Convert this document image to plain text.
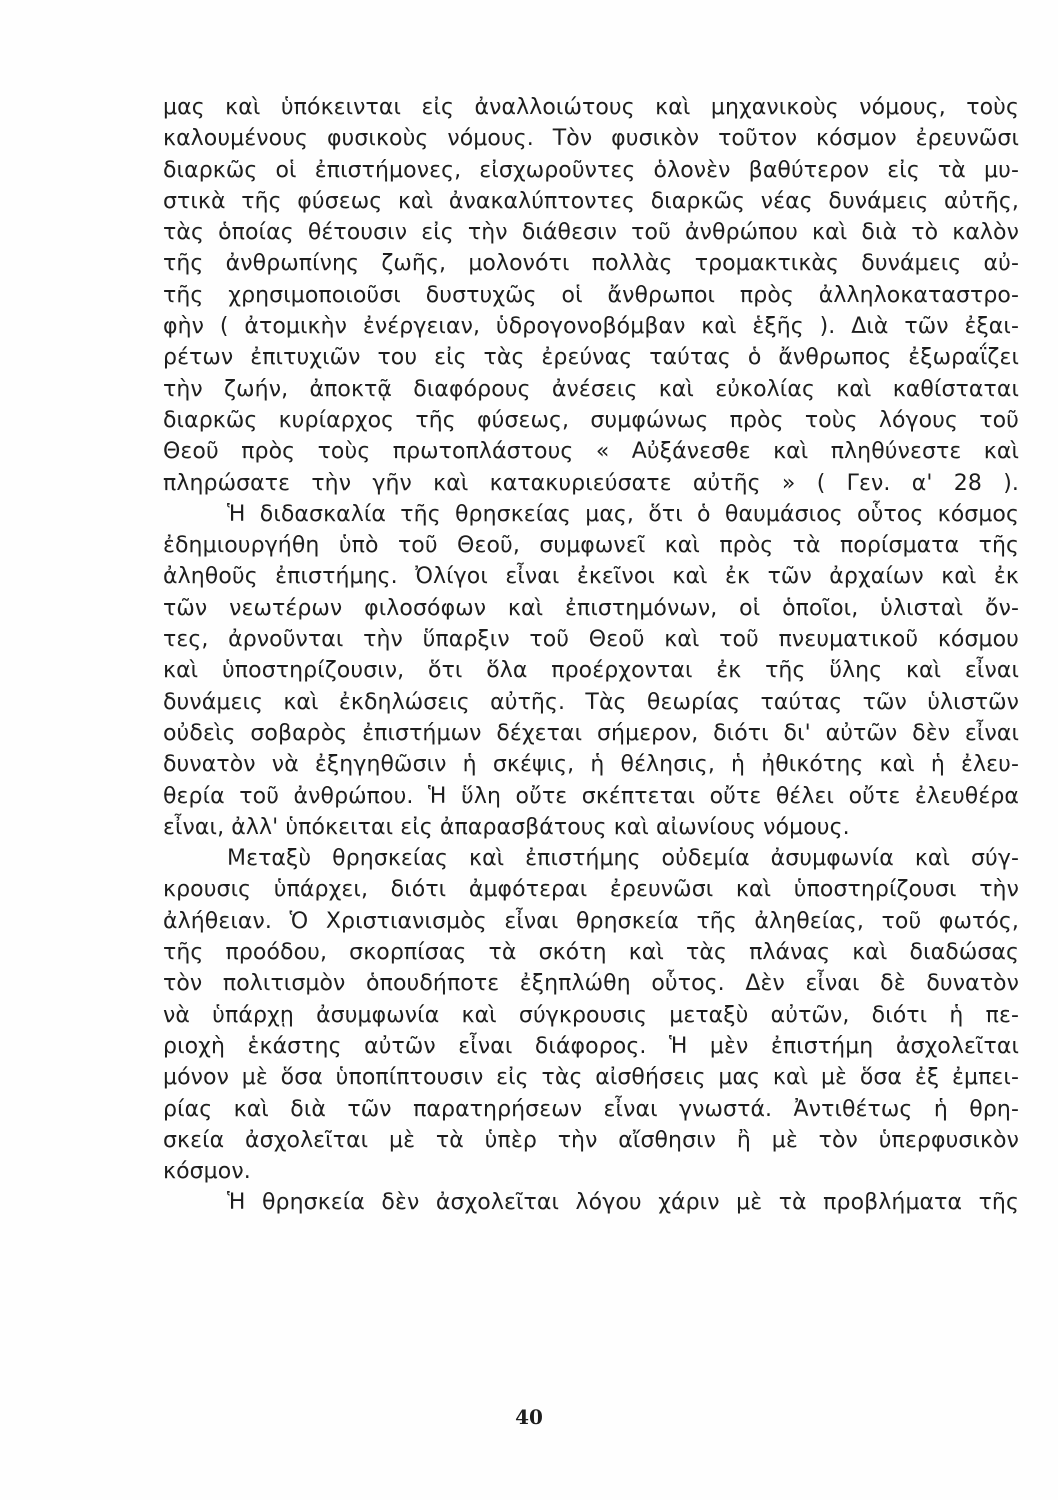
μας καὶ ὑπόκεινται εἰς ἀναλλοιώτους καὶ μηχανικοὺς νόμους, τοὺς
καλουμένους φυσικοὺς νόμους. Τὸν φυσικὸν τοῦτον κόσμον ἐρευνῶσι
διαρκῶς οἱ ἐπιστήμονες, εἰσχωροῦντες ὁλονὲν βαθύτερον εἰς τὰ μυ-
στικὰ τῆς φύσεως καὶ ἀνακαλύπτοντες διαρκῶς νέας δυνάμεις αὐτῆς,
τὰς ὁποίας θέτουσιν εἰς τὴν διάθεσιν τοῦ ἀνθρώπου καὶ διὰ τὸ καλὸν
τῆς ἀνθρωπίνης ζωῆς, μολονότι πολλὰς τρομακτικὰς δυνάμεις αὐ-
τῆς χρησιμοποιοῦσι δυστυχῶς οἱ ἄνθρωποι πρὸς ἀλληλοκαταστρο-
φὴν ( ἀτομικὴν ἐνέργειαν, ὑδρογονοβόμβαν καὶ ἑξῆς ). Διὰ τῶν ἐξαι-
ρέτων ἐπιτυχιῶν του εἰς τὰς ἐρεύνας ταύτας ὁ ἄνθρωπος ἐξωραΐζει
τὴν ζωήν, ἀποκτᾷ διαφόρους ἀνέσεις καὶ εὐκολίας καὶ καθίσταται
διαρκῶς κυρίαρχος τῆς φύσεως, συμφώνως πρὸς τοὺς λόγους τοῦ
Θεοῦ πρὸς τοὺς πρωτοπλάστους « Αὐξάνεσθε καὶ πληθύνεστε καὶ
πληρώσατε τὴν γῆν καὶ κατακυριεύσατε αὐτῆς » ( Γεν. α' 28 ).
Ἡ διδασκαλία τῆς θρησκείας μας, ὅτι ὁ θαυμάσιος οὗτος κόσμος
ἐδημιουργήθη ὑπὸ τοῦ Θεοῦ, συμφωνεῖ καὶ πρὸς τὰ πορίσματα τῆς
ἀληθοῦς ἐπιστήμης. Ὀλίγοι εἶναι ἐκεῖνοι καὶ ἐκ τῶν ἀρχαίων καὶ ἐκ
τῶν νεωτέρων φιλοσόφων καὶ ἐπιστημόνων, οἱ ὁποῖοι, ὑλισταὶ ὄν-
τες, ἀρνοῦνται τὴν ὕπαρξιν τοῦ Θεοῦ καὶ τοῦ πνευματικοῦ κόσμου
καὶ ὑποστηρίζουσιν, ὅτι ὅλα προέρχονται ἐκ τῆς ὕλης καὶ εἶναι
δυνάμεις καὶ ἐκδηλώσεις αὐτῆς. Τὰς θεωρίας ταύτας τῶν ὑλιστῶν
οὐδεὶς σοβαρὸς ἐπιστήμων δέχεται σήμερον, διότι δι' αὐτῶν δὲν εἶναι
δυνατὸν νὰ ἐξηγηθῶσιν ἡ σκέψις, ἡ θέλησις, ἡ ἠθικότης καὶ ἡ ἐλευ-
θερία τοῦ ἀνθρώπου. Ἡ ὕλη οὔτε σκέπτεται οὔτε θέλει οὔτε ἐλευθέρα
εἶναι, ἀλλ' ὑπόκειται εἰς ἀπαρασβάτους καὶ αἰωνίους νόμους.
Μεταξὺ θρησκείας καὶ ἐπιστήμης οὐδεμία ἀσυμφωνία καὶ σύγ-
κρουσις ὑπάρχει, διότι ἀμφότεραι ἐρευνῶσι καὶ ὑποστηρίζουσι τὴν
ἀλήθειαν. Ὁ Χριστιανισμὸς εἶναι θρησκεία τῆς ἀληθείας, τοῦ φωτός,
τῆς προόδου, σκορπίσας τὰ σκότη καὶ τὰς πλάνας καὶ διαδώσας
τὸν πολιτισμὸν ὁπουδήποτε ἐξηπλώθη οὗτος. Δὲν εἶναι δὲ δυνατὸν
νὰ ὑπάρχῃ ἀσυμφωνία καὶ σύγκρουσις μεταξὺ αὐτῶν, διότι ἡ πε-
ριοχὴ ἑκάστης αὐτῶν εἶναι διάφορος. Ἡ μὲν ἐπιστήμη ἀσχολεῖται
μόνον μὲ ὅσα ὑποπίπτουσιν εἰς τὰς αἰσθήσεις μας καὶ μὲ ὅσα ἐξ ἐμπει-
ρίας καὶ διὰ τῶν παρατηρήσεων εἶναι γνωστά. Ἀντιθέτως ἡ θρη-
σκεία ἀσχολεῖται μὲ τὰ ὑπὲρ τὴν αἴσθησιν ἢ μὲ τὸν ὑπερφυσικὸν
κόσμον.
Ἡ θρησκεία δὲν ἀσχολεῖται λόγου χάριν μὲ τὰ προβλήματα τῆς
40
